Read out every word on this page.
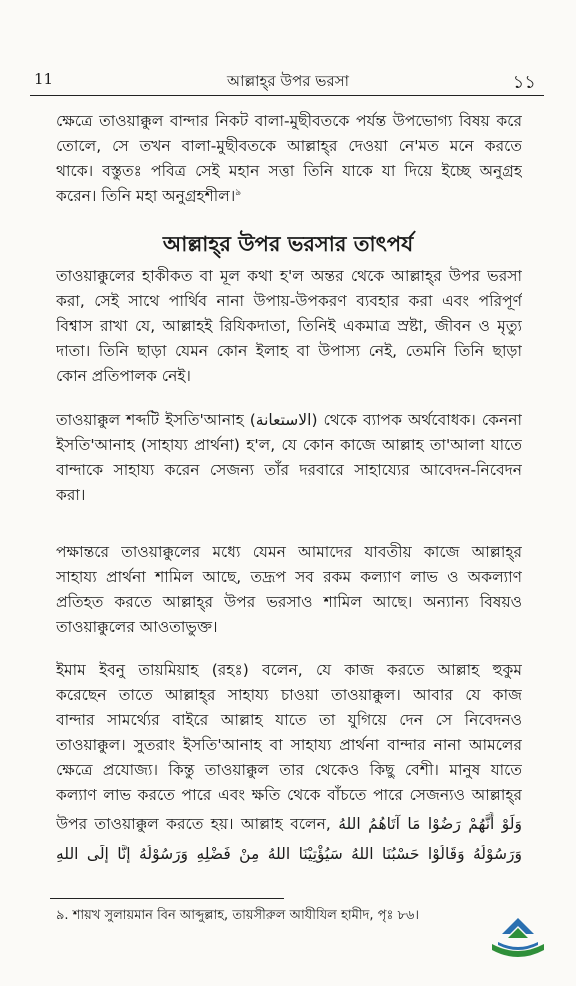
11	আল্লাহ্‌র উপর ভরসা	১১
ক্ষেত্রে তাওয়াক্কুল বান্দার নিকট বালা-মুছীবতকে পর্যন্ত উপভোগ্য বিষয় করে
তোলে, সে তখন বালা-মুছীবতকে আল্লাহ্‌র দেওয়া নে'মত মনে করতে
থাকে। বস্তুতঃ পবিত্র সেই মহান সত্তা তিনি যাকে যা দিয়ে ইচ্ছে অনুগ্রহ
করেন। তিনি মহা অনুগ্রহশীল।$^৯$
আল্লাহ্‌র উপর ভরসার তাৎপর্য
তাওয়াক্কুলের হাকীকত বা মূল কথা হ'ল অন্তর থেকে আল্লাহ্‌র উপর ভরসা
করা, সেই সাথে পার্থিব নানা উপায়-উপকরণ ব্যবহার করা এবং পরিপূর্ণ
বিশ্বাস রাখা যে, আল্লাহই রিযিকদাতা, তিনিই একমাত্র স্রষ্টা, জীবন ও মৃত্যু
দাতা। তিনি ছাড়া যেমন কোন ইলাহ বা উপাস্য নেই, তেমনি তিনি ছাড়া
কোন প্রতিপালক নেই।
তাওয়াক্কুল শব্দটি ইসতি'আনাহ (الاستعانة) থেকে ব্যাপক অর্থবোধক। কেননা
ইসতি'আনাহ (সাহায্য প্রার্থনা) হ'ল, যে কোন কাজে আল্লাহ তা'আলা যাতে
বান্দাকে সাহায্য করেন সেজন্য তাঁর দরবারে সাহায্যের আবেদন-নিবেদন
করা।
পক্ষান্তরে তাওয়াক্কুলের মধ্যে যেমন আমাদের যাবতীয় কাজে আল্লাহ্‌র
সাহায্য প্রার্থনা শামিল আছে, তদ্রূপ সব রকম কল্যাণ লাভ ও অকল্যাণ
প্রতিহত করতে আল্লাহ্‌র উপর ভরসাও শামিল আছে। অন্যান্য বিষয়ও
তাওয়াক্কুলের আওতাভুক্ত।
ইমাম ইবনু তায়মিয়াহ (রহঃ) বলেন, যে কাজ করতে আল্লাহ হুকুম
করেছেন তাতে আল্লাহ্‌র সাহায্য চাওয়া তাওয়াক্কুল। আবার যে কাজ
বান্দার সামর্থ্যের বাইরে আল্লাহ যাতে তা যুগিয়ে দেন সে নিবেদনও
তাওয়াক্কুল। সুতরাং ইসতি'আনাহ বা সাহায্য প্রার্থনা বান্দার নানা আমলের
ক্ষেত্রে প্রযোজ্য। কিন্তু তাওয়াক্কুল তার থেকেও কিছু বেশী। মানুষ যাতে
কল্যাণ লাভ করতে পারে এবং ক্ষতি থেকে বাঁচতে পারে সেজন্যও আল্লাহ্‌র
উপর তাওয়াক্কুল করতে হয়। আল্লাহ বলেন, وَلَوْ أَنَّهُمْ رَضُوْا مَا آتَاهُمُ اللهُ
وَرَسُوْلُهُ وَقَالُوْا حَسْبُنَا اللهُ سَيُؤْتِيْنَا اللهُ مِنْ فَضْلِهِ وَرَسُوْلُهُ إِنَّا إِلَى اللهِ
৯. শায়খ সুলায়মান বিন আব্দুল্লাহ, তায়সীরুল আযীযিল হামীদ, পৃঃ ৮৬।
